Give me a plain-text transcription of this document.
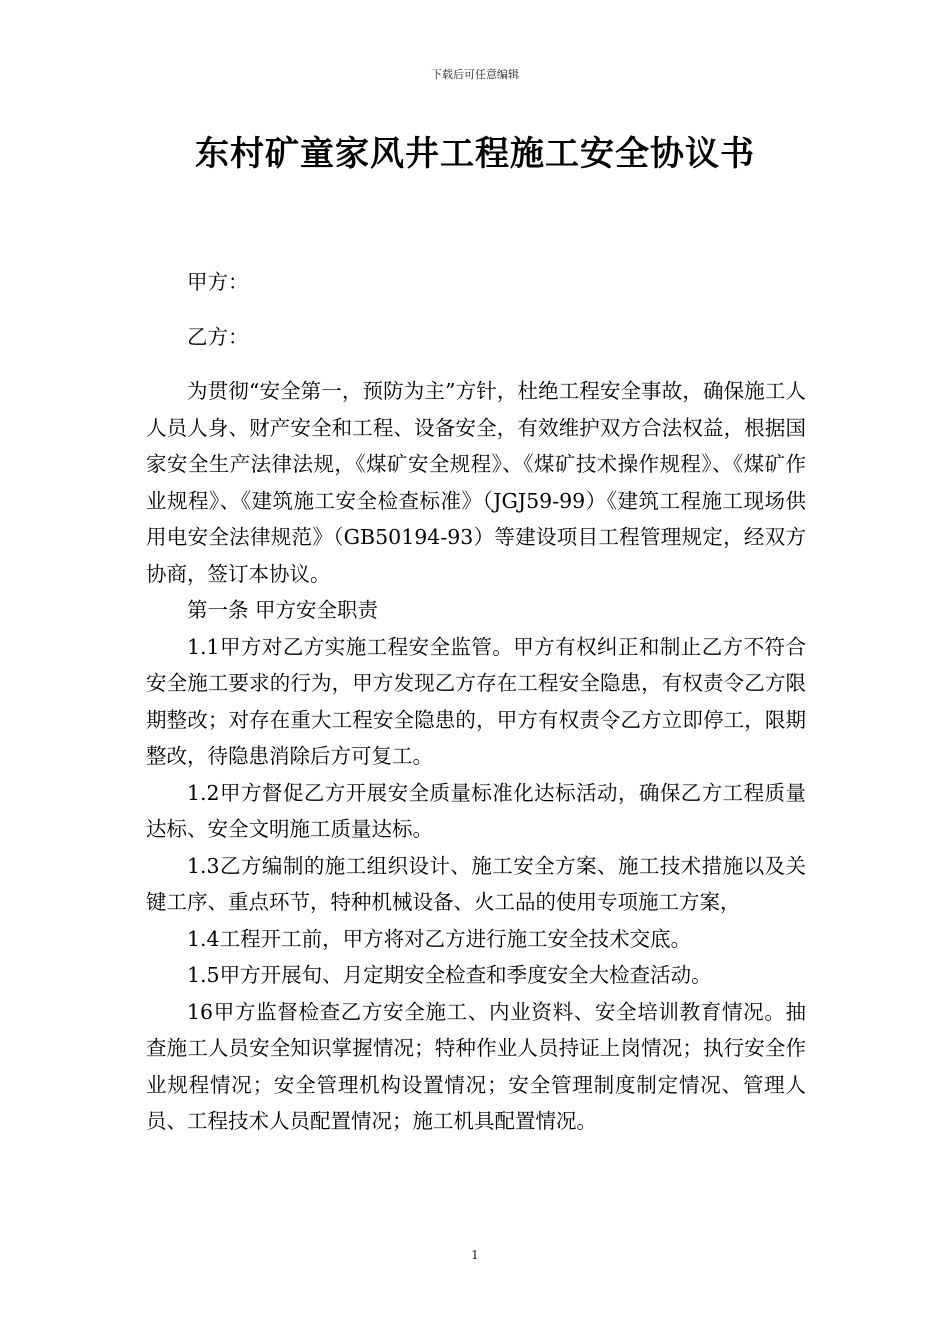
下载后可任意编辑
东村矿童家风井工程施工安全协议书

甲方：

乙方：

为贯彻“安全第一，预防为主”方针，杜绝工程安全事故，确保施工人人员人身、财产安全和工程、设备安全，有效维护双方合法权益，根据国家安全生产法律法规，《煤矿安全规程》、《煤矿技术操作规程》、《煤矿作业规程》、《建筑施工安全检查标准》（JGJ59-99）《建筑工程施工现场供用电安全法律规范》（GB50194-93）等建设项目工程管理规定，经双方协商，签订本协议。

第一条 甲方安全职责

1.1甲方对乙方实施工程安全监管。甲方有权纠正和制止乙方不符合安全施工要求的行为，甲方发现乙方存在工程安全隐患，有权责令乙方限期整改；对存在重大工程安全隐患的，甲方有权责令乙方立即停工，限期整改，待隐患消除后方可复工。

1.2甲方督促乙方开展安全质量标准化达标活动，确保乙方工程质量达标、安全文明施工质量达标。

1.3乙方编制的施工组织设计、施工安全方案、施工技术措施以及关键工序、重点环节，特种机械设备、火工品的使用专项施工方案，

1.4工程开工前，甲方将对乙方进行施工安全技术交底。

1.5甲方开展旬、月定期安全检查和季度安全大检查活动。

16甲方监督检查乙方安全施工、内业资料、安全培训教育情况。抽查施工人员安全知识掌握情况；特种作业人员持证上岗情况；执行安全作业规程情况；安全管理机构设置情况；安全管理制度制定情况、管理人员、工程技术人员配置情况；施工机具配置情况。

1
